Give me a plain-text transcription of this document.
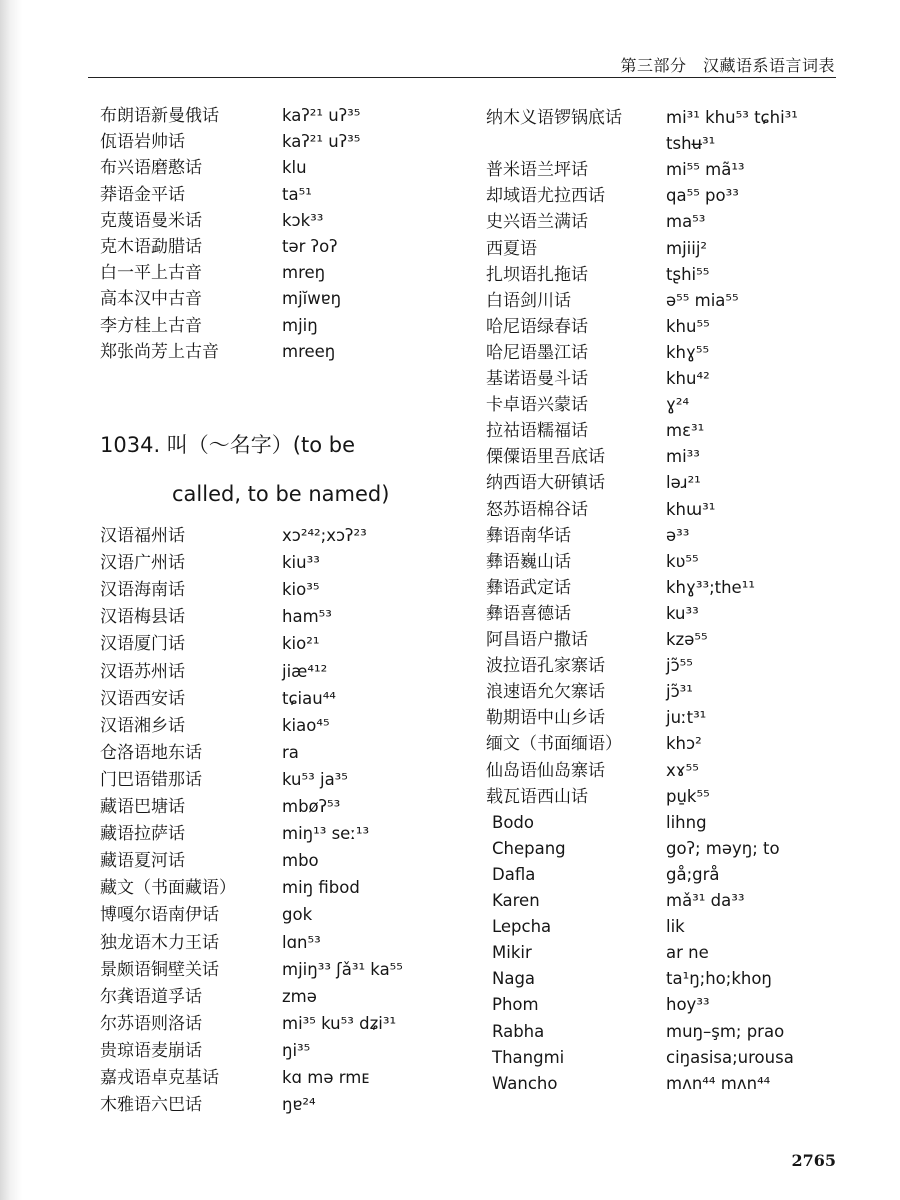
第三部分　汉藏语系语言词表
布朗语新曼俄话	kaʔ²¹ uʔ³⁵
佤语岩帅话	kaʔ²¹ uʔ³⁵
布兴语磨憨话	klu
莽语金平话	ta⁵¹
克蔑语曼米话	kɔk³³
克木语勐腊话	tər ʔoʔ
白一平上古音	mreŋ
高本汉中古音	mjĭwɐŋ
李方桂上古音	mjiŋ
郑张尚芳上古音	mreeŋ
1034. 叫（～名字）(to be
called, to be named)
汉语福州话	xɔ²⁴²;xɔʔ²³
汉语广州话	kiu³³
汉语海南话	kio³⁵
汉语梅县话	ham⁵³
汉语厦门话	kio²¹
汉语苏州话	jiæ⁴¹²
汉语西安话	tɕiau⁴⁴
汉语湘乡话	kiao⁴⁵
仓洛语地东话	ra
门巴语错那话	ku⁵³ ja³⁵
藏语巴塘话	mbøʔ⁵³
藏语拉萨话	miŋ¹³ seː¹³
藏语夏河话	mbo
藏文（书面藏语）	miŋ fibod
博嘎尔语南伊话	gok
独龙语木力王话	lɑn⁵³
景颇语铜壁关话	mjiŋ³³ ʃǎ³¹ ka⁵⁵
尔龚语道孚话	zmə
尔苏语则洛话	mi³⁵ ku⁵³ dʑi³¹
贵琼语麦崩话	ŋi³⁵
嘉戎语卓克基话	kɑ mə rmᴇ
木雅语六巴话	ŋɐ²⁴
纳木义语锣锅底话	mi³¹ khu⁵³ tɕhi³¹
tshʉ³¹
普米语兰坪话	mi⁵⁵ mã¹³
却域语尤拉西话	qa⁵⁵ po³³
史兴语兰满话	ma⁵³
西夏语	mjiij²
扎坝语扎拖话	tʂhi⁵⁵
白语剑川话	ə⁵⁵ mia⁵⁵
哈尼语绿春话	khu⁵⁵
哈尼语墨江话	khɣ⁵⁵
基诺语曼斗话	khu⁴²
卡卓语兴蒙话	ɣ²⁴
拉祜语糯福话	mɛ³¹
傈僳语里吾底话	mi³³
纳西语大研镇话	ləɹ²¹
怒苏语棉谷话	khɯ³¹
彝语南华话	ə³³
彝语巍山话	kʋ⁵⁵
彝语武定话	khɣ³³;the¹¹
彝语喜德话	ku³³
阿昌语户撒话	kzə⁵⁵
波拉语孔家寨话	jɔ̃⁵⁵
浪速语允欠寨话	jɔ̃³¹
勒期语中山乡话	juːt³¹
缅文（书面缅语）	khɔ²
仙岛语仙岛寨话	xɤ⁵⁵
载瓦语西山话	pu̱k⁵⁵
Bodo	lihng
Chepang	goʔ; məyŋ; to
Dafla	gå;grå
Karen	mǎ³¹ da³³
Lepcha	lik
Mikir	ar ne
Naga	ta¹ŋ;ho;khoŋ
Phom	hoy³³
Rabha	muŋ–şm; prao
Thangmi	ciŋasisa;urousa
Wancho	mʌn⁴⁴ mʌn⁴⁴
2765
